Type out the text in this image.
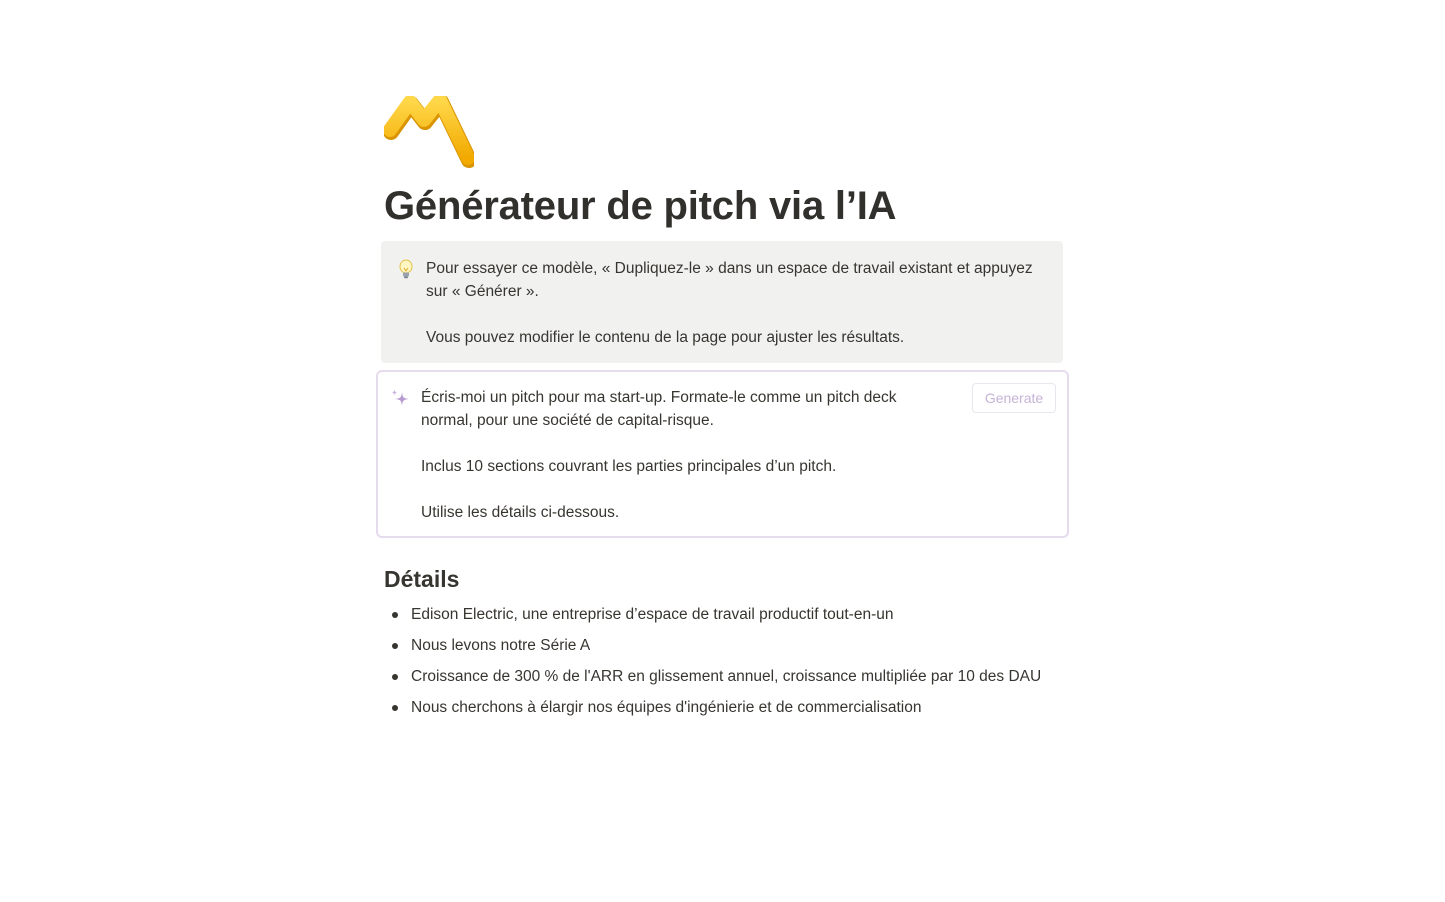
Générateur de pitch via l’IA

Pour essayer ce modèle, « Dupliquez-le » dans un espace de travail existant et appuyez sur « Générer ».

Vous pouvez modifier le contenu de la page pour ajuster les résultats.

Écris-moi un pitch pour ma start-up. Formate-le comme un pitch deck normal, pour une société de capital-risque.

Inclus 10 sections couvrant les parties principales d’un pitch.

Utilise les détails ci-dessous.

Generate
Détails
Edison Electric, une entreprise d’espace de travail productif tout-en-un
Nous levons notre Série A
Croissance de 300 % de l'ARR en glissement annuel, croissance multipliée par 10 des DAU
Nous cherchons à élargir nos équipes d'ingénierie et de commercialisation
